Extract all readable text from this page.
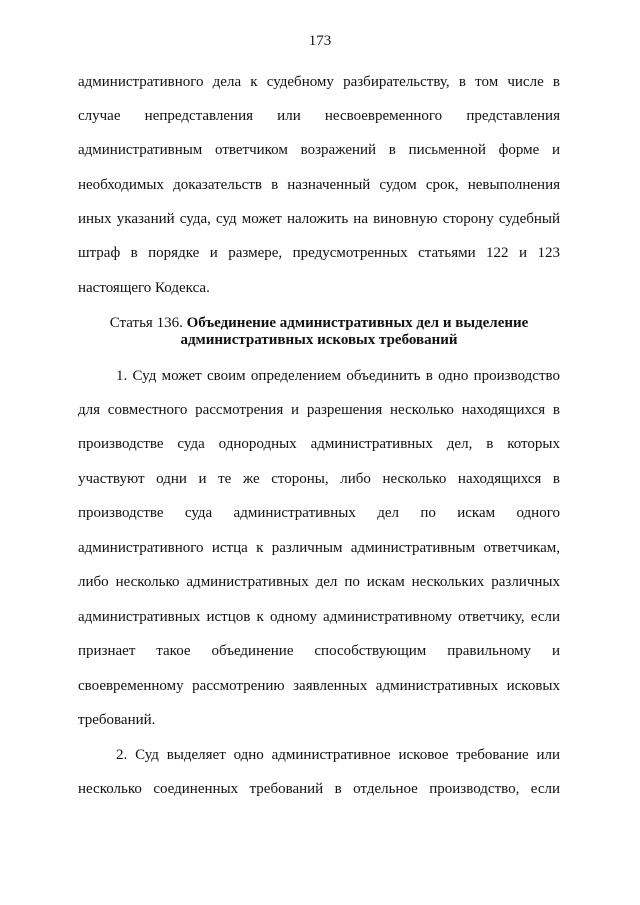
173
административного дела к судебному разбирательству, в том числе в
случае непредставления или несвоевременного представления
административным ответчиком возражений в письменной форме и
необходимых доказательств в назначенный судом срок, невыполнения
иных указаний суда, суд может наложить на виновную сторону судебный
штраф в порядке и размере, предусмотренных статьями 122 и 123
настоящего Кодекса.
Статья 136. Объединение административных дел и выделение
административных исковых требований
1. Суд может своим определением объединить в одно производство
для совместного рассмотрения и разрешения несколько находящихся в
производстве суда однородных административных дел, в которых
участвуют одни и те же стороны, либо несколько находящихся в
производстве суда административных дел по искам одного
административного истца к различным административным ответчикам,
либо несколько административных дел по искам нескольких различных
административных истцов к одному административному ответчику, если
признает такое объединение способствующим правильному и
своевременному рассмотрению заявленных административных исковых
требований.
2. Суд выделяет одно административное исковое требование или
несколько соединенных требований в отдельное производство, если
